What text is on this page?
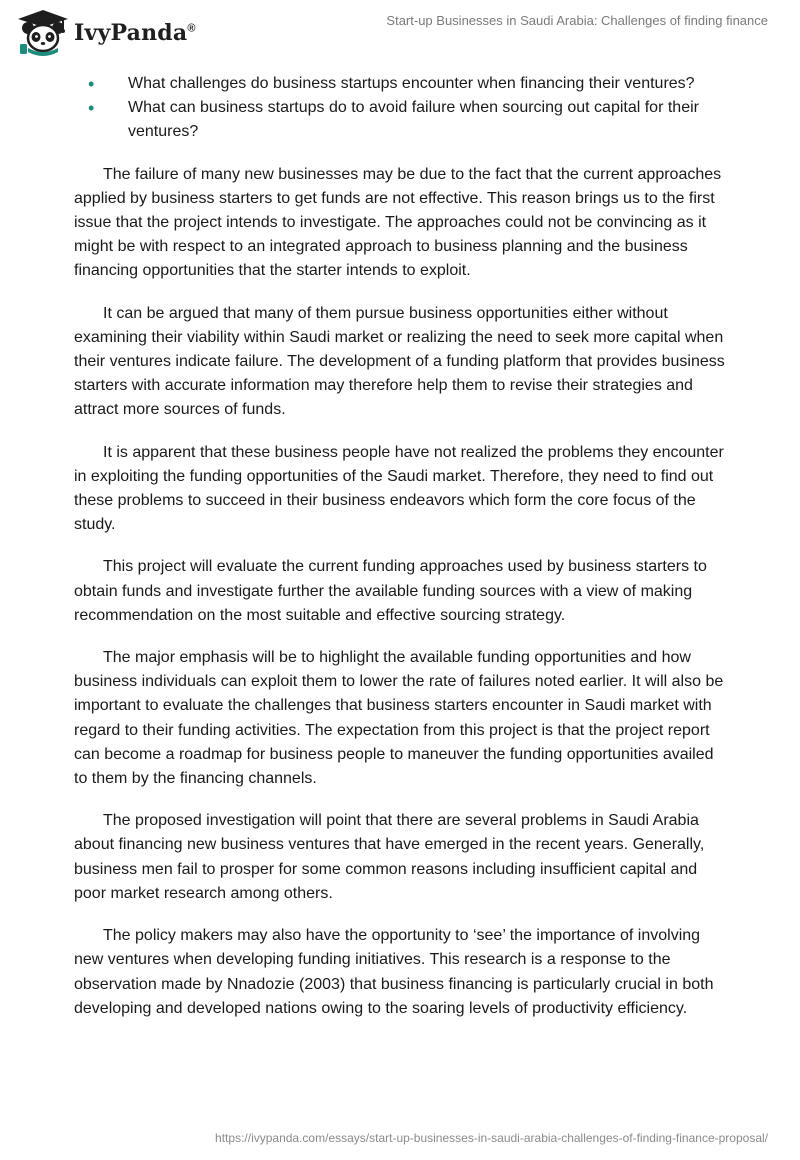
IvyPanda®
Start-up Businesses in Saudi Arabia: Challenges of finding finance
• What challenges do business startups encounter when financing their ventures?
• What can business startups do to avoid failure when sourcing out capital for their ventures?

The failure of many new businesses may be due to the fact that the current approaches applied by business starters to get funds are not effective. This reason brings us to the first issue that the project intends to investigate. The approaches could not be convincing as it might be with respect to an integrated approach to business planning and the business financing opportunities that the starter intends to exploit.

It can be argued that many of them pursue business opportunities either without examining their viability within Saudi market or realizing the need to seek more capital when their ventures indicate failure. The development of a funding platform that provides business starters with accurate information may therefore help them to revise their strategies and attract more sources of funds.

It is apparent that these business people have not realized the problems they encounter in exploiting the funding opportunities of the Saudi market. Therefore, they need to find out these problems to succeed in their business endeavors which form the core focus of the study.

This project will evaluate the current funding approaches used by business starters to obtain funds and investigate further the available funding sources with a view of making recommendation on the most suitable and effective sourcing strategy.

The major emphasis will be to highlight the available funding opportunities and how business individuals can exploit them to lower the rate of failures noted earlier. It will also be important to evaluate the challenges that business starters encounter in Saudi market with regard to their funding activities. The expectation from this project is that the project report can become a roadmap for business people to maneuver the funding opportunities availed to them by the financing channels.

The proposed investigation will point that there are several problems in Saudi Arabia about financing new business ventures that have emerged in the recent years. Generally, business men fail to prosper for some common reasons including insufficient capital and poor market research among others.

The policy makers may also have the opportunity to ‘see’ the importance of involving new ventures when developing funding initiatives. This research is a response to the observation made by Nnadozie (2003) that business financing is particularly crucial in both developing and developed nations owing to the soaring levels of productivity efficiency.

https://ivypanda.com/essays/start-up-businesses-in-saudi-arabia-challenges-of-finding-finance-proposal/
